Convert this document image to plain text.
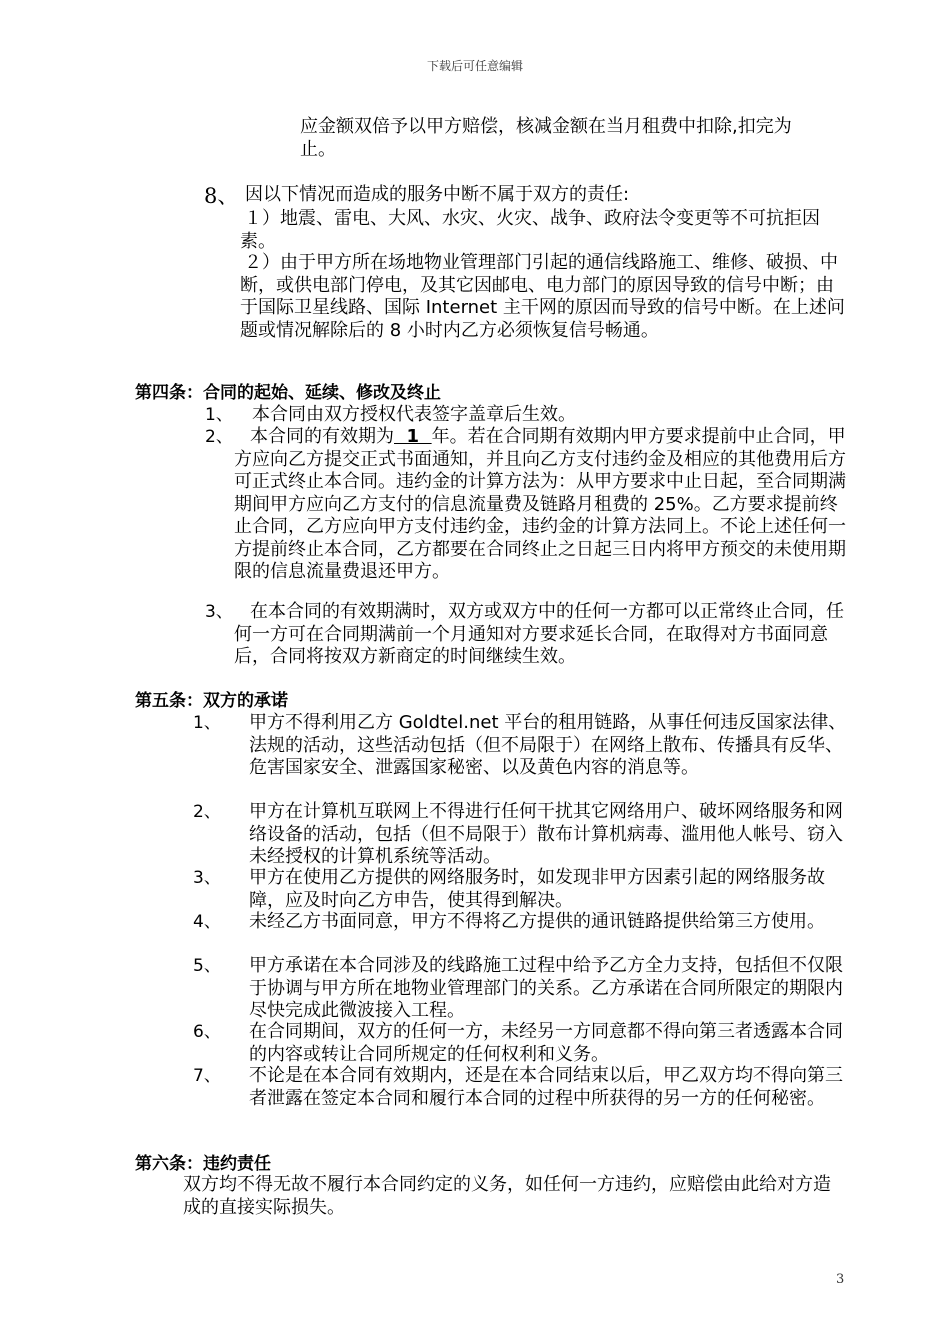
下载后可任意编辑

应金额双倍予以甲方赔偿，核减金额在当月租费中扣除,扣完为止。

8、 因以下情况而造成的服务中断不属于双方的责任:

１）地震、雷电、大风、水灾、火灾、战争、政府法令变更等不可抗拒因素。

２）由于甲方所在场地物业管理部门引起的通信线路施工、维修、破损、中断，或供电部门停电，及其它因邮电、电力部门的原因导致的信号中断；由于国际卫星线路、国际 Internet 主干网的原因而导致的信号中断。在上述问题或情况解除后的 8 小时内乙方必须恢复信号畅通。

第四条：合同的起始、延续、修改及终止
1、 本合同由双方授权代表签字盖章后生效。

2、 本合同的有效期为  1  年。若在合同期有效期内甲方要求提前中止合同，甲方应向乙方提交正式书面通知，并且向乙方支付违约金及相应的其他费用后方可正式终止本合同。违约金的计算方法为：从甲方要求中止日起，至合同期满期间甲方应向乙方支付的信息流量费及链路月租费的 25%。乙方要求提前终止合同，乙方应向甲方支付违约金，违约金的计算方法同上。不论上述任何一方提前终止本合同，乙方都要在合同终止之日起三日内将甲方预交的未使用期限的信息流量费退还甲方。

3、 在本合同的有效期满时，双方或双方中的任何一方都可以正常终止合同，任何一方可在合同期满前一个月通知对方要求延长合同，在取得对方书面同意后，合同将按双方新商定的时间继续生效。

第五条：双方的承诺
1、 甲方不得利用乙方 Goldtel.net 平台的租用链路，从事任何违反国家法律、法规的活动，这些活动包括（但不局限于）在网络上散布、传播具有反华、危害国家安全、泄露国家秘密、以及黄色内容的消息等。

2、 甲方在计算机互联网上不得进行任何干扰其它网络用户、破坏网络服务和网络设备的活动，包括（但不局限于）散布计算机病毒、滥用他人帐号、窃入未经授权的计算机系统等活动。

3、 甲方在使用乙方提供的网络服务时，如发现非甲方因素引起的网络服务故障，应及时向乙方申告，使其得到解决。

4、 未经乙方书面同意，甲方不得将乙方提供的通讯链路提供给第三方使用。

5、 甲方承诺在本合同涉及的线路施工过程中给予乙方全力支持，包括但不仅限于协调与甲方所在地物业管理部门的关系。乙方承诺在合同所限定的期限内尽快完成此微波接入工程。

6、 在合同期间，双方的任何一方，未经另一方同意都不得向第三者透露本合同的内容或转让合同所规定的任何权利和义务。

7、 不论是在本合同有效期内，还是在本合同结束以后，甲乙双方均不得向第三者泄露在签定本合同和履行本合同的过程中所获得的另一方的任何秘密。

第六条：违约责任

双方均不得无故不履行本合同约定的义务，如任何一方违约，应赔偿由此给对方造成的直接实际损失。

3
